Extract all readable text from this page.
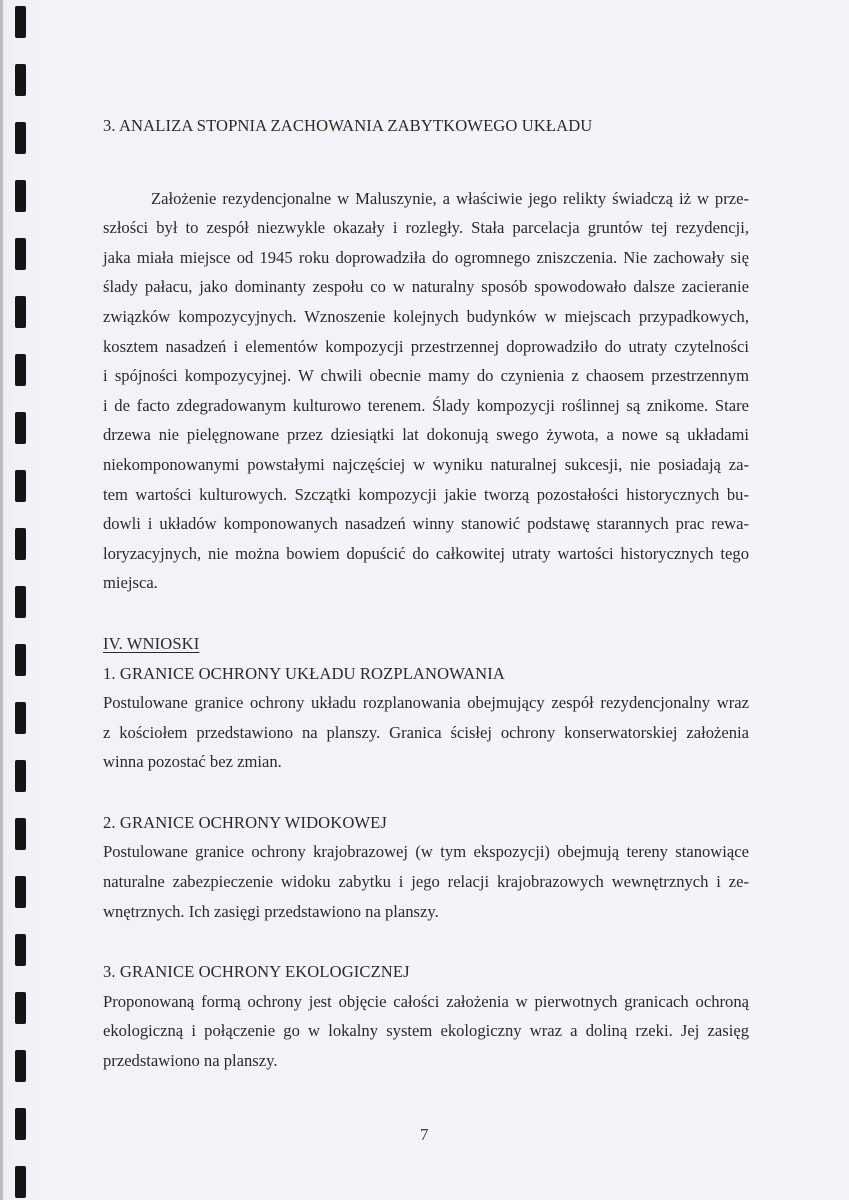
3. ANALIZA STOPNIA ZACHOWANIA ZABYTKOWEGO UKŁADU
Założenie rezydencjonalne w Maluszynie, a właściwie jego relikty świadczą iż w prze-
szłości był to zespół niezwykle okazały i rozległy. Stała parcelacja gruntów tej rezydencji,
jaka miała miejsce od 1945 roku doprowadziła do ogromnego zniszczenia. Nie zachowały się
ślady pałacu, jako dominanty zespołu co w naturalny sposób spowodowało dalsze zacieranie
związków kompozycyjnych. Wznoszenie kolejnych budynków w miejscach przypadkowych,
kosztem nasadzeń i elementów kompozycji przestrzennej doprowadziło do utraty czytelności
i spójności kompozycyjnej. W chwili obecnie mamy do czynienia z chaosem przestrzennym
i de facto zdegradowanym kulturowo terenem. Ślady kompozycji roślinnej są znikome. Stare
drzewa nie pielęgnowane przez dziesiątki lat dokonują swego żywota, a nowe są układami
niekomponowanymi powstałymi najczęściej w wyniku naturalnej sukcesji, nie posiadają za-
tem wartości kulturowych. Szczątki kompozycji jakie tworzą pozostałości historycznych bu-
dowli i układów komponowanych nasadzeń winny stanowić podstawę starannych prac rewa-
loryzacyjnych, nie można bowiem dopuścić do całkowitej utraty wartości historycznych tego
miejsca.
IV. WNIOSKI
1. GRANICE OCHRONY UKŁADU ROZPLANOWANIA
Postulowane granice ochrony układu rozplanowania obejmujący zespół rezydencjonalny wraz
z kościołem przedstawiono na planszy. Granica ścisłej ochrony konserwatorskiej założenia
winna pozostać bez zmian.
2. GRANICE OCHRONY WIDOKOWEJ
Postulowane granice ochrony krajobrazowej (w tym ekspozycji) obejmują tereny stanowiące
naturalne zabezpieczenie widoku zabytku i jego relacji krajobrazowych wewnętrznych i ze-
wnętrznych. Ich zasięgi przedstawiono na planszy.
3. GRANICE OCHRONY EKOLOGICZNEJ
Proponowaną formą ochrony jest objęcie całości założenia w pierwotnych granicach ochroną
ekologiczną i połączenie go w lokalny system ekologiczny wraz a doliną rzeki. Jej zasięg
przedstawiono na planszy.
7
